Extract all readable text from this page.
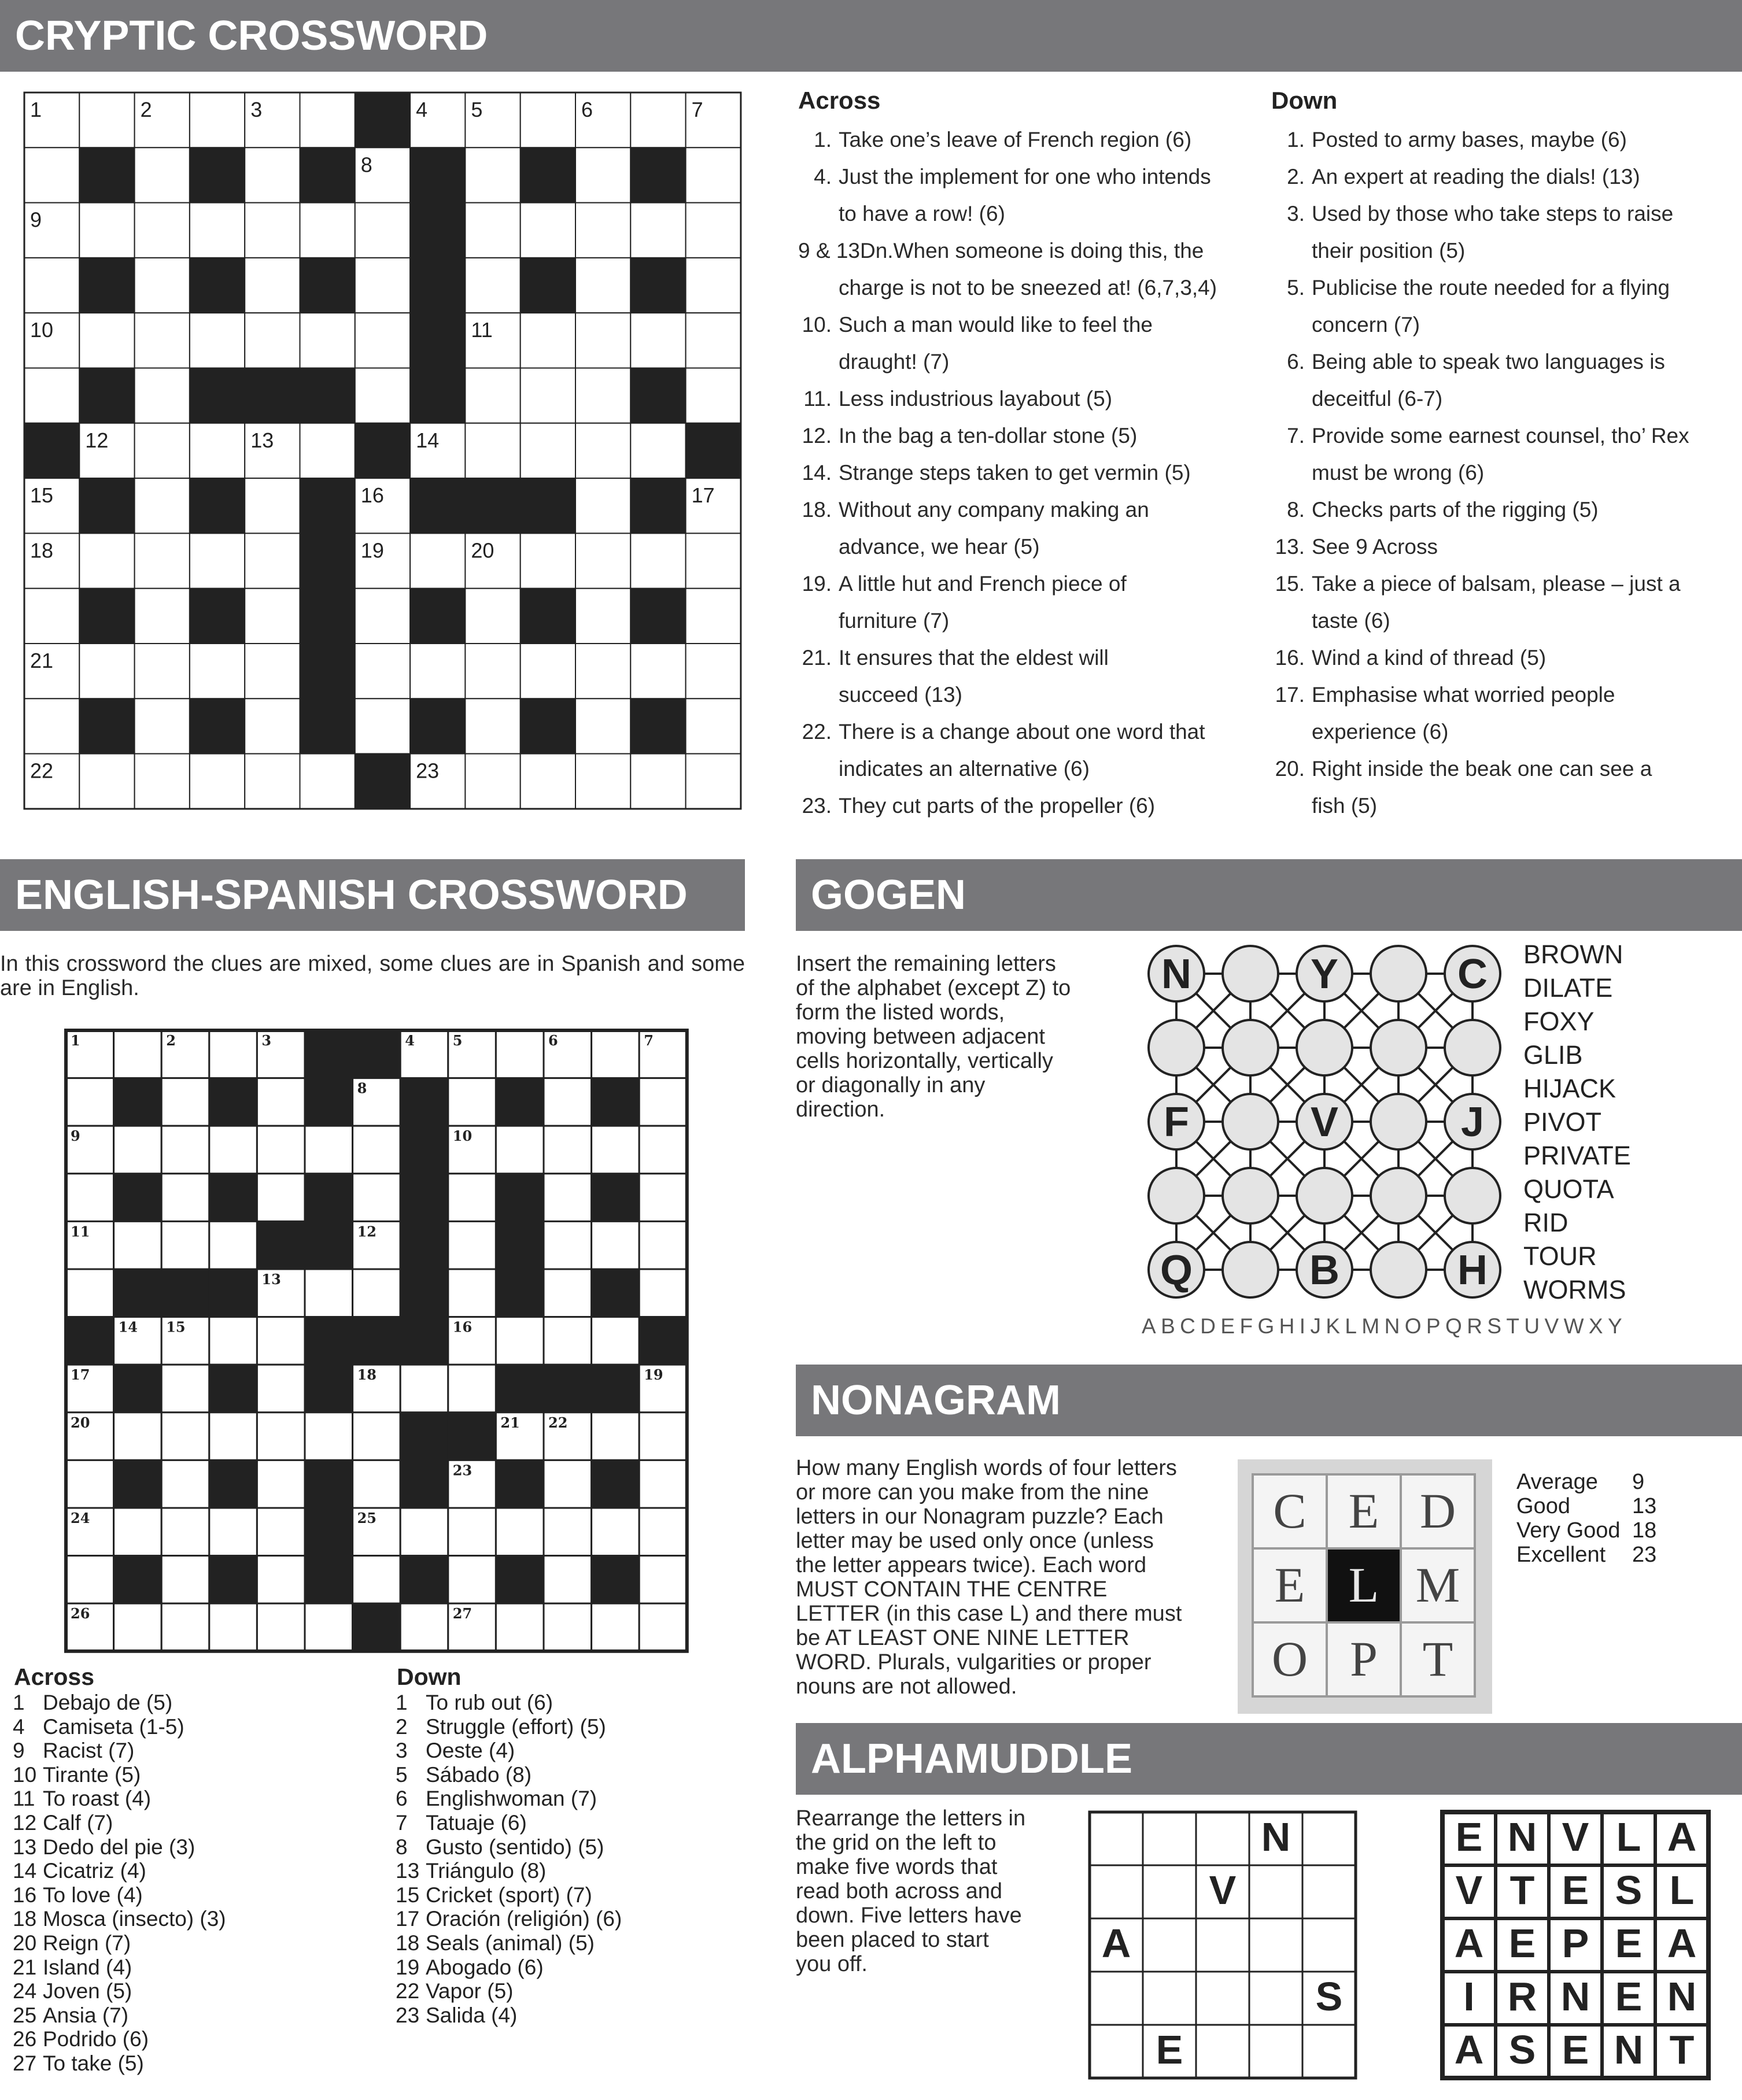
CRYPTIC CROSSWORD
1	2	3	4 5	6	7
8
9
10	11
12	13	14
15	16	17
18	19	20
21
22	23
Across
1. Take one’s leave of French region (6)
4. Just the implement for one who intends
to have a row! (6)
9 & 13Dn. When someone is doing this, the
charge is not to be sneezed at! (6,7,3,4)
10. Such a man would like to feel the
draught! (7)
11. Less industrious layabout (5)
12. In the bag a ten-dollar stone (5)
14. Strange steps taken to get vermin (5)
18. Without any company making an
advance, we hear (5)
19. A little hut and French piece of
furniture (7)
21. It ensures that the eldest will
succeed (13)
22. There is a change about one word that
indicates an alternative (6)
23. They cut parts of the propeller (6)
Down
1. Posted to army bases, maybe (6)
2. An expert at reading the dials! (13)
3. Used by those who take steps to raise
their position (5)
5. Publicise the route needed for a flying
concern (7)
6. Being able to speak two languages is
deceitful (6-7)
7. Provide some earnest counsel, tho’ Rex
must be wrong (6)
8. Checks parts of the rigging (5)
13. See 9 Across
15. Take a piece of balsam, please – just a
taste (6)
16. Wind a kind of thread (5)
17. Emphasise what worried people
experience (6)
20. Right inside the beak one can see a
fish (5)
ENGLISH-SPANISH CROSSWORD

In this crossword the clues are mixed, some clues are in Spanish and some are in English.

1	2	3	4	5	6	7
8
9	10
11	12
13
14 15	16
17	18	19
20	21 22
23
24	25
26	27
Across
1 Debajo de (5)
4 Camiseta (1-5)
9 Racist (7)
10 Tirante (5)
11 To roast (4)
12 Calf (7)
13 Dedo del pie (3)
14 Cicatriz (4)
16 To love (4)
18 Mosca (insecto) (3)
20 Reign (7)
21 Island (4)
24 Joven (5)
25 Ansia (7)
26 Podrido (6)
27 To take (5)
Down
1 To rub out (6)
2 Struggle (effort) (5)
3 Oeste (4)
5 Sábado (8)
6 Englishwoman (7)
7 Tatuaje (6)
8 Gusto (sentido) (5)
13 Triángulo (8)
15 Cricket (sport) (7)
17 Oración (religión) (6)
18 Seals (animal) (5)
19 Abogado (6)
22 Vapor (5)
23 Salida (4)
GOGEN

Insert the remaining letters of the alphabet (except Z) to form the listed words, moving between adjacent cells horizontally, vertically or diagonally in any direction.

N	Y	C
F	V	J
Q	B	H
BROWN
DILATE
FOXY
GLIB
HIJACK
PIVOT
PRIVATE
QUOTA
RID
TOUR
WORMS
ABCDEFGHIJKLMNOPQRSTUVWXY
NONAGRAM

How many English words of four letters or more can you make from the nine letters in our Nonagram puzzle? Each letter may be used only once (unless the letter appears twice). Each word MUST CONTAIN THE CENTRE LETTER (in this case L) and there must be AT LEAST ONE NINE LETTER WORD. Plurals, vulgarities or proper nouns are not allowed.

C E D
E L M
O P T
Average	9
Good	13
Very Good 18
Excellent	23
ALPHAMUDDLE

Rearrange the letters in the grid on the left to make five words that read both across and down. Five letters have been placed to start you off.

N
V
A
S
E
E N V L A
V T E S L
A E P E A
I R N E N
A S E N T
